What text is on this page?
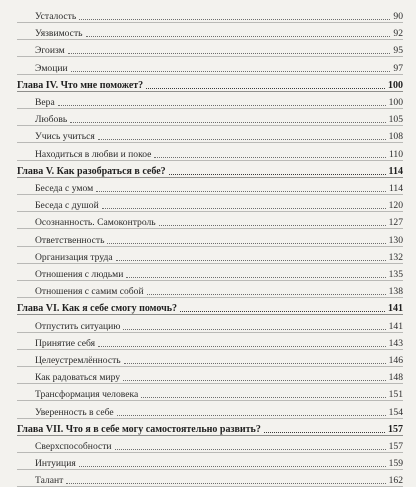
Усталость	90
Уязвимость	92
Эгоизм	95
Эмоции	97
Глава IV. Что мне поможет?	100
Вера	100
Любовь	105
Учись учиться	108
Находиться в любви и покое	110
Глава V. Как разобраться в себе?	114
Беседа с умом	114
Беседа с душой	120
Осознанность. Самоконтроль	127
Ответственность	130
Организация труда	132
Отношения с людьми	135
Отношения с самим собой	138
Глава VI. Как я себе смогу помочь?	141
Отпустить ситуацию	141
Принятие себя	143
Целеустремлённость	146
Как радоваться миру	148
Трансформация человека	151
Уверенность в себе	154
Глава VII. Что я в себе могу самостоятельно развить?	157
Сверхспособности	157
Интуиция	159
Талант	162
